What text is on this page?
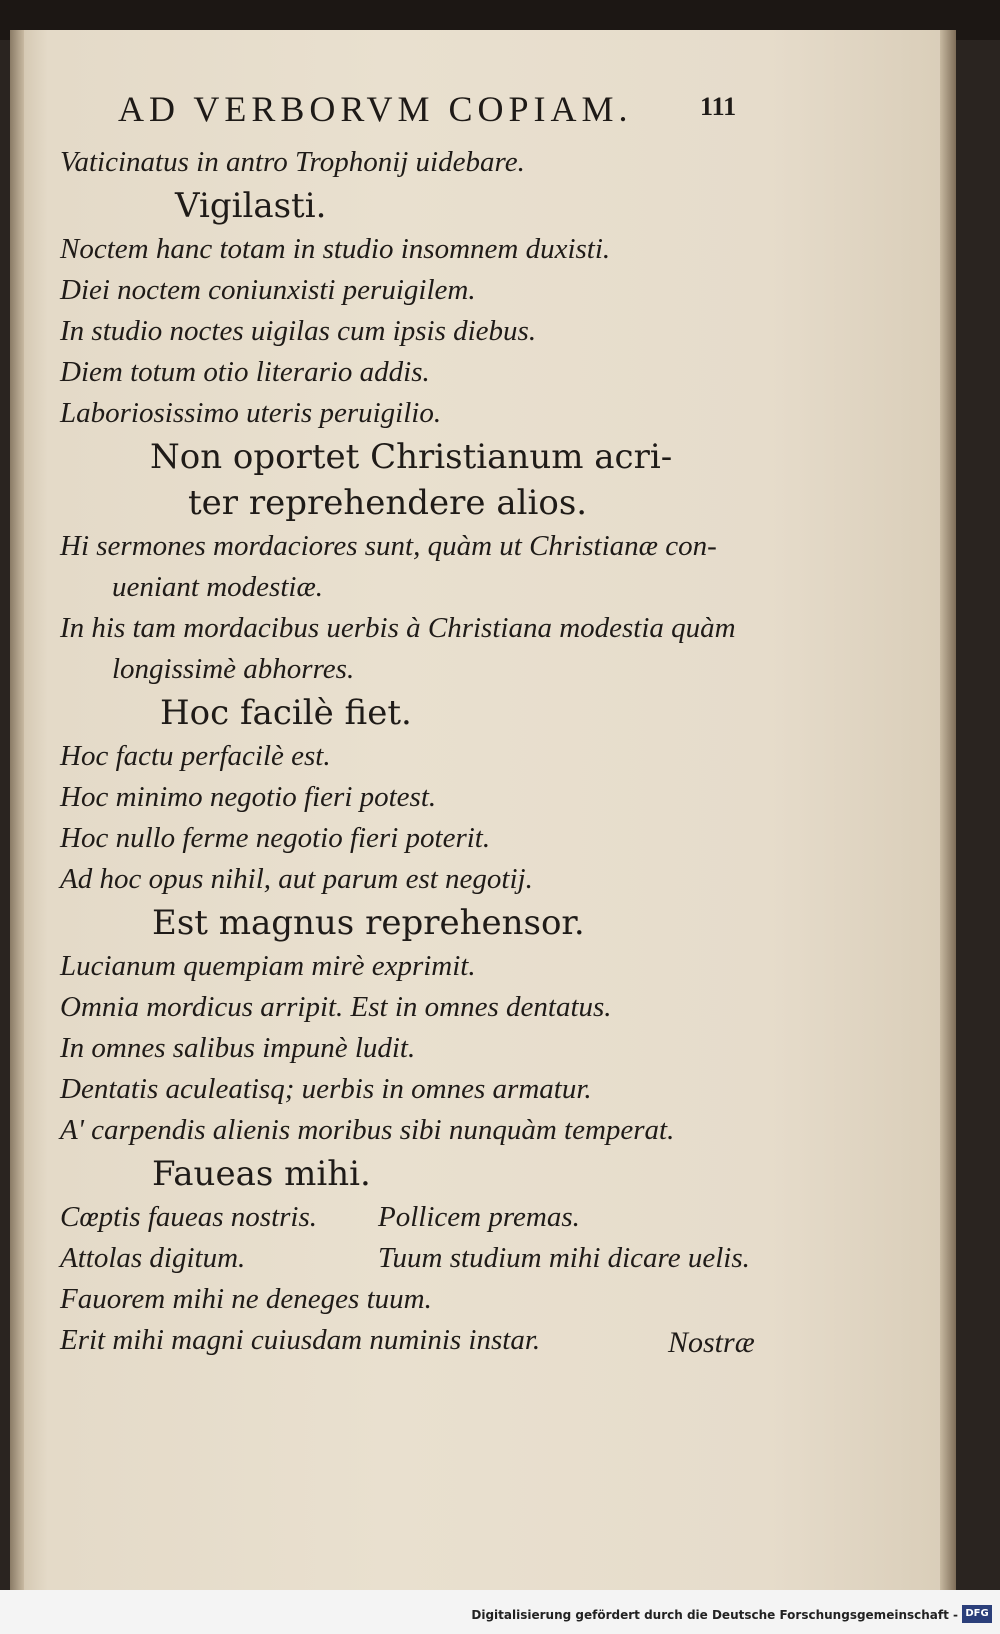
AD VERBORVM COPIAM.	111
Vaticinatus in antro Trophonij uidebare.
Vigilasti.
Noctem hanc totam in studio insomnem duxisti.
Diei noctem coniunxisti peruigilem.
In studio noctes uigilas cum ipsis diebus.
Diem totum otio literario addis.
Laboriosissimo uteris peruigilio.
Non oportet Christianum acri-
ter reprehendere alios.
Hi sermones mordaciores sunt, quàm ut Christianæ con-
ueniant modestiæ.
In his tam mordacibus uerbis à Christiana modestia quàm
longissimè abhorres.
Hoc facilè fiet.
Hoc factu perfacilè est.
Hoc minimo negotio fieri potest.
Hoc nullo ferme negotio fieri poterit.
Ad hoc opus nihil, aut parum est negotij.
Est magnus reprehensor.
Lucianum quempiam mirè exprimit.
Omnia mordicus arripit. Est in omnes dentatus.
In omnes salibus impunè ludit.
Dentatis aculeatisq; uerbis in omnes armatur.
A' carpendis alienis moribus sibi nunquàm temperat.
Faueas mihi.
Cœptis faueas nostris.	Pollicem premas.
Attolas digitum.	Tuum studium mihi dicare uelis.
Fauorem mihi ne deneges tuum.
Erit mihi magni cuiusdam numinis instar.	Nostræ
Digitalisierung gefördert durch die Deutsche Forschungsgemeinschaft - DFG
